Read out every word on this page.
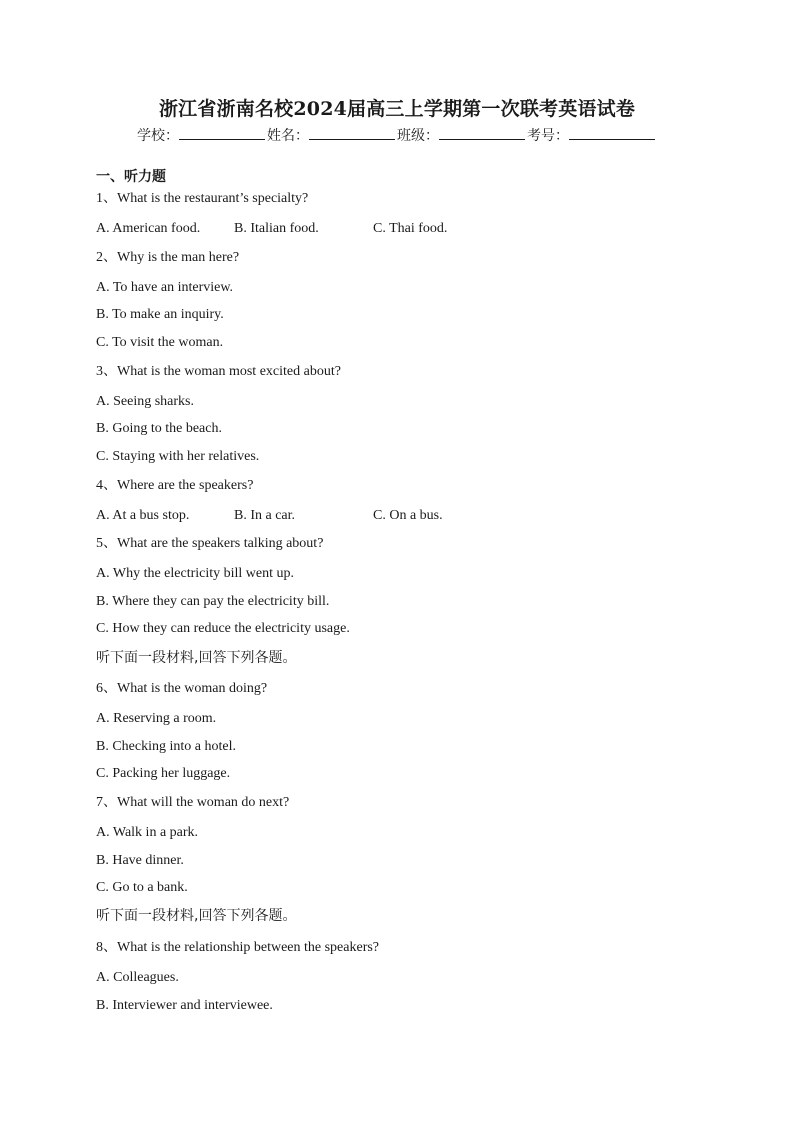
浙江省浙南名校2024届高三上学期第一次联考英语试卷
学校：	姓名：	班级：	考号：
一、听力题
1、What is the restaurant’s specialty?
A. American food. B. Italian food.	C. Thai food.
2、Why is the man here?
A. To have an interview.
B. To make an inquiry.
C. To visit the woman.
3、What is the woman most excited about?
A. Seeing sharks.
B. Going to the beach.
C. Staying with her relatives.
4、Where are the speakers?
A. At a bus stop.	B. In a car.	C. On a bus.
5、What are the speakers talking about?
A. Why the electricity bill went up.
B. Where they can pay the electricity bill.
C. How they can reduce the electricity usage.
听下面一段材料,回答下列各题。
6、What is the woman doing?
A. Reserving a room.
B. Checking into a hotel.
C. Packing her luggage.
7、What will the woman do next?
A. Walk in a park.
B. Have dinner.
C. Go to a bank.
听下面一段材料,回答下列各题。
8、What is the relationship between the speakers?
A. Colleagues.
B. Interviewer and interviewee.
